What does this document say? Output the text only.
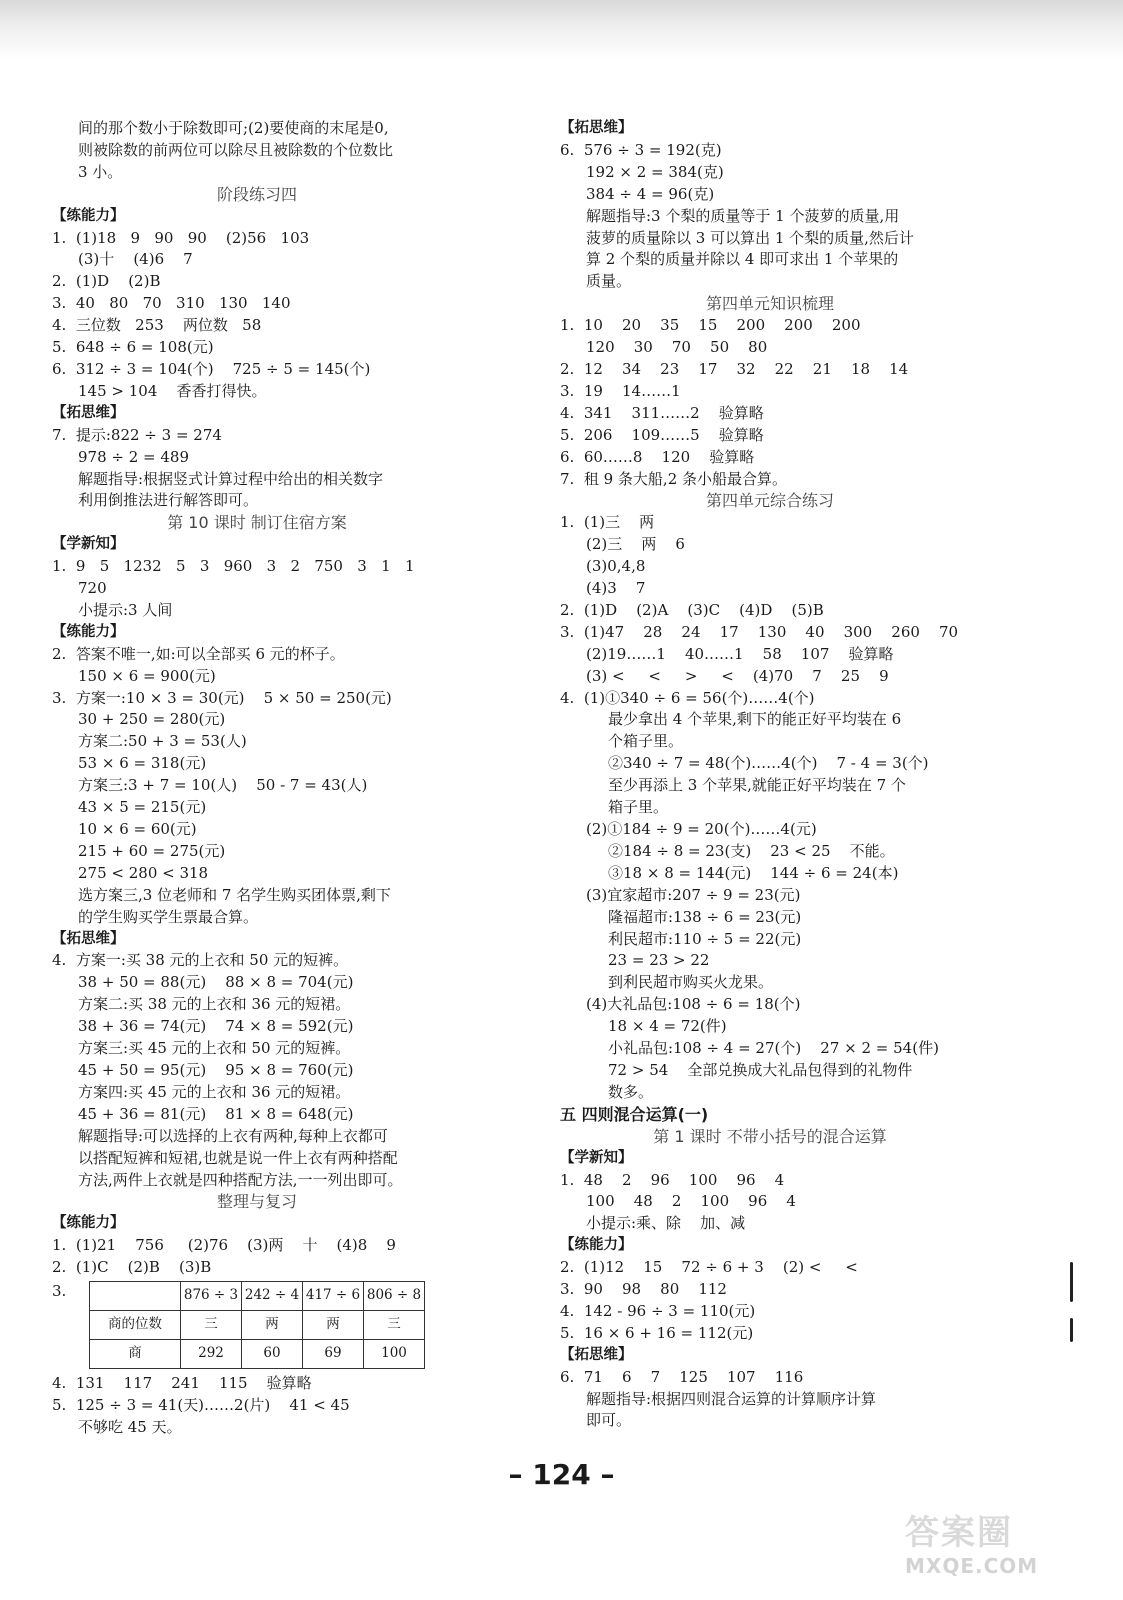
间的那个数小于除数即可;(2)要使商的末尾是0,
则被除数的前两位可以除尽且被除数的个位数比
3 小。
阶段练习四
【练能力】
1.  (1)18   9   90   90    (2)56   103
(3)十    (4)6    7
2.  (1)D    (2)B
3.  40   80   70   310   130   140
4.  三位数   253    两位数   58
5.  648 ÷ 6 = 108(元)
6.  312 ÷ 3 = 104(个)    725 ÷ 5 = 145(个)
145 > 104    香香打得快。
【拓思维】
7.  提示:822 ÷ 3 = 274
978 ÷ 2 = 489
解题指导:根据竖式计算过程中给出的相关数字
利用倒推法进行解答即可。
第 10 课时 制订住宿方案
【学新知】
1.  9   5   1232   5   3   960   3   2   750   3   1   1
720
小提示:3 人间
【练能力】
2.  答案不唯一,如:可以全部买 6 元的杯子。
150 × 6 = 900(元)
3.  方案一:10 × 3 = 30(元)    5 × 50 = 250(元)
30 + 250 = 280(元)
方案二:50 + 3 = 53(人)
53 × 6 = 318(元)
方案三:3 + 7 = 10(人)    50 - 7 = 43(人)
43 × 5 = 215(元)
10 × 6 = 60(元)
215 + 60 = 275(元)
275 < 280 < 318
选方案三,3 位老师和 7 名学生购买团体票,剩下
的学生购买学生票最合算。
【拓思维】
4.  方案一:买 38 元的上衣和 50 元的短裤。
38 + 50 = 88(元)    88 × 8 = 704(元)
方案二:买 38 元的上衣和 36 元的短裙。
38 + 36 = 74(元)    74 × 8 = 592(元)
方案三:买 45 元的上衣和 50 元的短裤。
45 + 50 = 95(元)    95 × 8 = 760(元)
方案四:买 45 元的上衣和 36 元的短裙。
45 + 36 = 81(元)    81 × 8 = 648(元)
解题指导:可以选择的上衣有两种,每种上衣都可
以搭配短裤和短裙,也就是说一件上衣有两种搭配
方法,两件上衣就是四种搭配方法,一一列出即可。
整理与复习
【练能力】
1.  (1)21    756     (2)76    (3)两    十    (4)8    9
2.  (1)C    (2)B    (3)B
3.
		876 ÷ 3	242 ÷ 4	417 ÷ 6	806 ÷ 8
商的位数	三	两	两	三
商	292	60	69	100
4.  131    117    241    115    验算略
5.  125 ÷ 3 = 41(天)……2(片)    41 < 45
不够吃 45 天。
【拓思维】
6.  576 ÷ 3 = 192(克)
192 × 2 = 384(克)
384 ÷ 4 = 96(克)
解题指导:3 个梨的质量等于 1 个菠萝的质量,用
菠萝的质量除以 3 可以算出 1 个梨的质量,然后计
算 2 个梨的质量并除以 4 即可求出 1 个苹果的
质量。
第四单元知识梳理
1.  10    20    35    15    200    200    200
120    30    70    50    80
2.  12    34    23    17    32    22    21    18    14
3.  19    14……1
4.  341    311……2    验算略
5.  206    109……5    验算略
6.  60……8    120    验算略
7.  租 9 条大船,2 条小船最合算。
第四单元综合练习
1.  (1)三    两
(2)三    两    6
(3)0,4,8
(4)3    7
2.  (1)D    (2)A    (3)C    (4)D    (5)B
3.  (1)47    28    24    17    130    40    300    260    70
(2)19……1    40……1    58    107    验算略
(3) <     <     >     <    (4)70    7    25    9
4.  (1)①340 ÷ 6 = 56(个)……4(个)
最少拿出 4 个苹果,剩下的能正好平均装在 6
个箱子里。
②340 ÷ 7 = 48(个)……4(个)    7 - 4 = 3(个)
至少再添上 3 个苹果,就能正好平均装在 7 个
箱子里。
(2)①184 ÷ 9 = 20(个)……4(元)
②184 ÷ 8 = 23(支)    23 < 25    不能。
③18 × 8 = 144(元)    144 ÷ 6 = 24(本)
(3)宜家超市:207 ÷ 9 = 23(元)
隆福超市:138 ÷ 6 = 23(元)
利民超市:110 ÷ 5 = 22(元)
23 = 23 > 22
到利民超市购买火龙果。
(4)大礼品包:108 ÷ 6 = 18(个)
18 × 4 = 72(件)
小礼品包:108 ÷ 4 = 27(个)    27 × 2 = 54(件)
72 > 54    全部兑换成大礼品包得到的礼物件
数多。
五 四则混合运算(一)
第 1 课时 不带小括号的混合运算
【学新知】
1.  48    2    96    100    96    4
100    48    2    100    96    4
小提示:乘、除    加、减
【练能力】
2.  (1)12    15    72 ÷ 6 + 3    (2) <     <
3.  90    98    80    112
4.  142 - 96 ÷ 3 = 110(元)
5.  16 × 6 + 16 = 112(元)
【拓思维】
6.  71    6    7    125    107    116
解题指导:根据四则混合运算的计算顺序计算
即可。
– 124 –
答案圈
MXQE.COM
